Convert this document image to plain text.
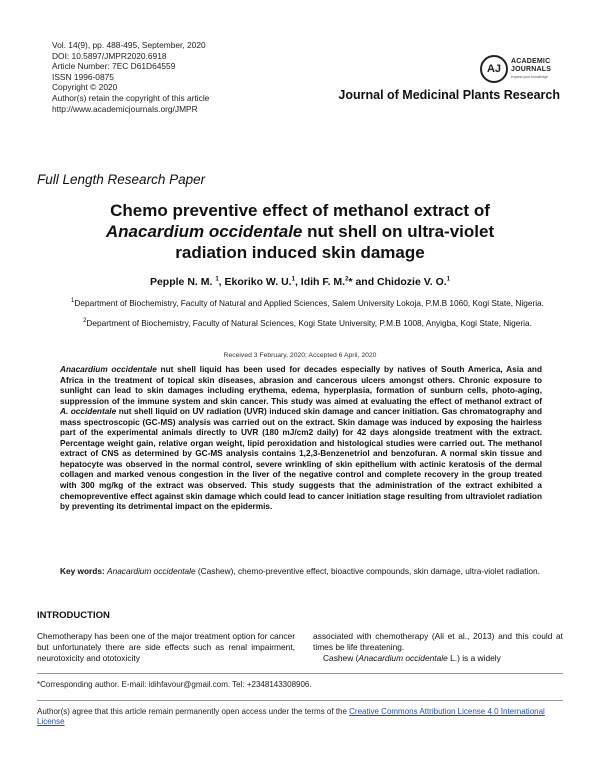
Vol. 14(9), pp. 488-495, September, 2020
DOI: 10.5897/JMPR2020.6918
Article Number: 7EC D61D64559
ISSN 1996-0875
Copyright © 2020
Author(s) retain the copyright of this article
http://www.academicjournals.org/JMPR
AJ
ACADEMIC
JOURNALS
expand your knowledge
Journal of Medicinal Plants Research
Full Length Research Paper
Chemo preventive effect of methanol extract of
Anacardium occidentale nut shell on ultra-violet
radiation induced skin damage
Pepple N. M. $^1$, Ekoriko W. U.$^1$, Idih F. M.$^2$* and Chidozie V. O.$^1$
$^1$Department of Biochemistry, Faculty of Natural and Applied Sciences, Salem University Lokoja, P.M.B 1060, Kogi State, Nigeria.
$^2$Department of Biochemistry, Faculty of Natural Sciences, Kogi State University, P.M.B 1008, Anyigba, Kogi State, Nigeria.
Received 3 February, 2020; Accepted 6 April, 2020
Anacardium occidentale nut shell liquid has been used for decades especially by natives of South America, Asia and Africa in the treatment of topical skin diseases, abrasion and cancerous ulcers amongst others. Chronic exposure to sunlight can lead to skin damages including erythema, edema, hyperplasia, formation of sunburn cells, photo-aging, suppression of the immune system and skin cancer. This study was aimed at evaluating the effect of methanol extract of A. occidentale nut shell liquid on UV radiation (UVR) induced skin damage and cancer initiation. Gas chromatography and mass spectroscopic (GC-MS) analysis was carried out on the extract. Skin damage was induced by exposing the hairless part of the experimental animals directly to UVR (180 mJ/cm2 daily) for 42 days alongside treatment with the extract. Percentage weight gain, relative organ weight, lipid peroxidation and histological studies were carried out. The methanol extract of CNS as determined by GC-MS analysis contains 1,2,3-Benzenetriol and benzofuran. A normal skin tissue and hepatocyte was observed in the normal control, severe wrinkling of skin epithelium with actinic keratosis of the dermal collagen and marked venous congestion in the liver of the negative control and complete recovery in the group treated with 300 mg/kg of the extract was observed. This study suggests that the administration of the extract exhibited a chemopreventive effect against skin damage which could lead to cancer initiation stage resulting from ultraviolet radiation by preventing its detrimental impact on the epidermis.
Key words: Anacardium occidentale (Cashew), chemo-preventive effect, bioactive compounds, skin damage, ultra-violet radiation.
INTRODUCTION
Chemotherapy has been one of the major treatment option for cancer but unfortunately there are side effects such as renal impairment, neurotoxicity and ototoxicity
associated with chemotherapy (Ali et al., 2013) and this could at times be life threatening.
Cashew (Anacardium occidentale L.) is a widely
*Corresponding author. E-mail: idihfavour@gmail.com. Tel: +2348143308906.
Author(s) agree that this article remain permanently open access under the terms of the Creative Commons Attribution License 4.0 International License
